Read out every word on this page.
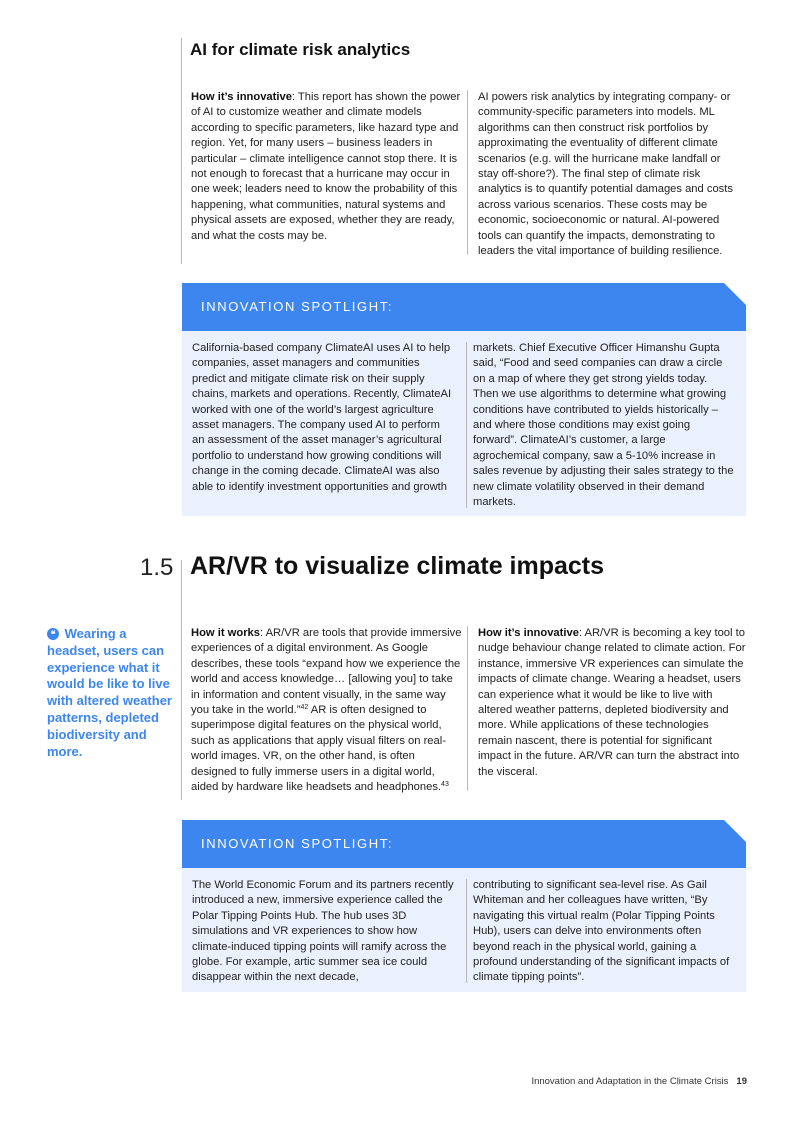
AI for climate risk analytics
How it’s innovative: This report has shown the power of AI to customize weather and climate models according to specific parameters, like hazard type and region. Yet, for many users – business leaders in particular – climate intelligence cannot stop there. It is not enough to forecast that a hurricane may occur in one week; leaders need to know the probability of this happening, what communities, natural systems and physical assets are exposed, whether they are ready, and what the costs may be.
AI powers risk analytics by integrating company- or community-specific parameters into models. ML algorithms can then construct risk portfolios by approximating the eventuality of different climate scenarios (e.g. will the hurricane make landfall or stay off-shore?). The final step of climate risk analytics is to quantify potential damages and costs across various scenarios. These costs may be economic, socioeconomic or natural. AI-powered tools can quantify the impacts, demonstrating to leaders the vital importance of building resilience.
INNOVATION SPOTLIGHT:
California-based company ClimateAI uses AI to help companies, asset managers and communities predict and mitigate climate risk on their supply chains, markets and operations. Recently, ClimateAI worked with one of the world’s largest agriculture asset managers. The company used AI to perform an assessment of the asset manager’s agricultural portfolio to understand how growing conditions will change in the coming decade. ClimateAI was also able to identify investment opportunities and growth
markets. Chief Executive Officer Himanshu Gupta said, “Food and seed companies can draw a circle on a map of where they get strong yields today. Then we use algorithms to determine what growing conditions have contributed to yields historically – and where those conditions may exist going forward”. ClimateAI’s customer, a large agrochemical company, saw a 5-10% increase in sales revenue by adjusting their sales strategy to the new climate volatility observed in their demand markets.
1.5 AR/VR to visualize climate impacts
❝ Wearing a headset, users can experience what it would be like to live with altered weather patterns, depleted biodiversity and more.
How it works: AR/VR are tools that provide immersive experiences of a digital environment. As Google describes, these tools “expand how we experience the world and access knowledge… [allowing you] to take in information and content visually, in the same way you take in the world.”$^{42}$ AR is often designed to superimpose digital features on the physical world, such as applications that apply visual filters on real-world images. VR, on the other hand, is often designed to fully immerse users in a digital world, aided by hardware like headsets and headphones.$^{43}$
How it’s innovative: AR/VR is becoming a key tool to nudge behaviour change related to climate action. For instance, immersive VR experiences can simulate the impacts of climate change. Wearing a headset, users can experience what it would be like to live with altered weather patterns, depleted biodiversity and more. While applications of these technologies remain nascent, there is potential for significant impact in the future. AR/VR can turn the abstract into the visceral.
INNOVATION SPOTLIGHT:
The World Economic Forum and its partners recently introduced a new, immersive experience called the Polar Tipping Points Hub. The hub uses 3D simulations and VR experiences to show how climate-induced tipping points will ramify across the globe. For example, artic summer sea ice could disappear within the next decade,
contributing to significant sea-level rise. As Gail Whiteman and her colleagues have written, “By navigating this virtual realm (Polar Tipping Points Hub), users can delve into environments often beyond reach in the physical world, gaining a profound understanding of the significant impacts of climate tipping points”.
Innovation and Adaptation in the Climate Crisis 19
